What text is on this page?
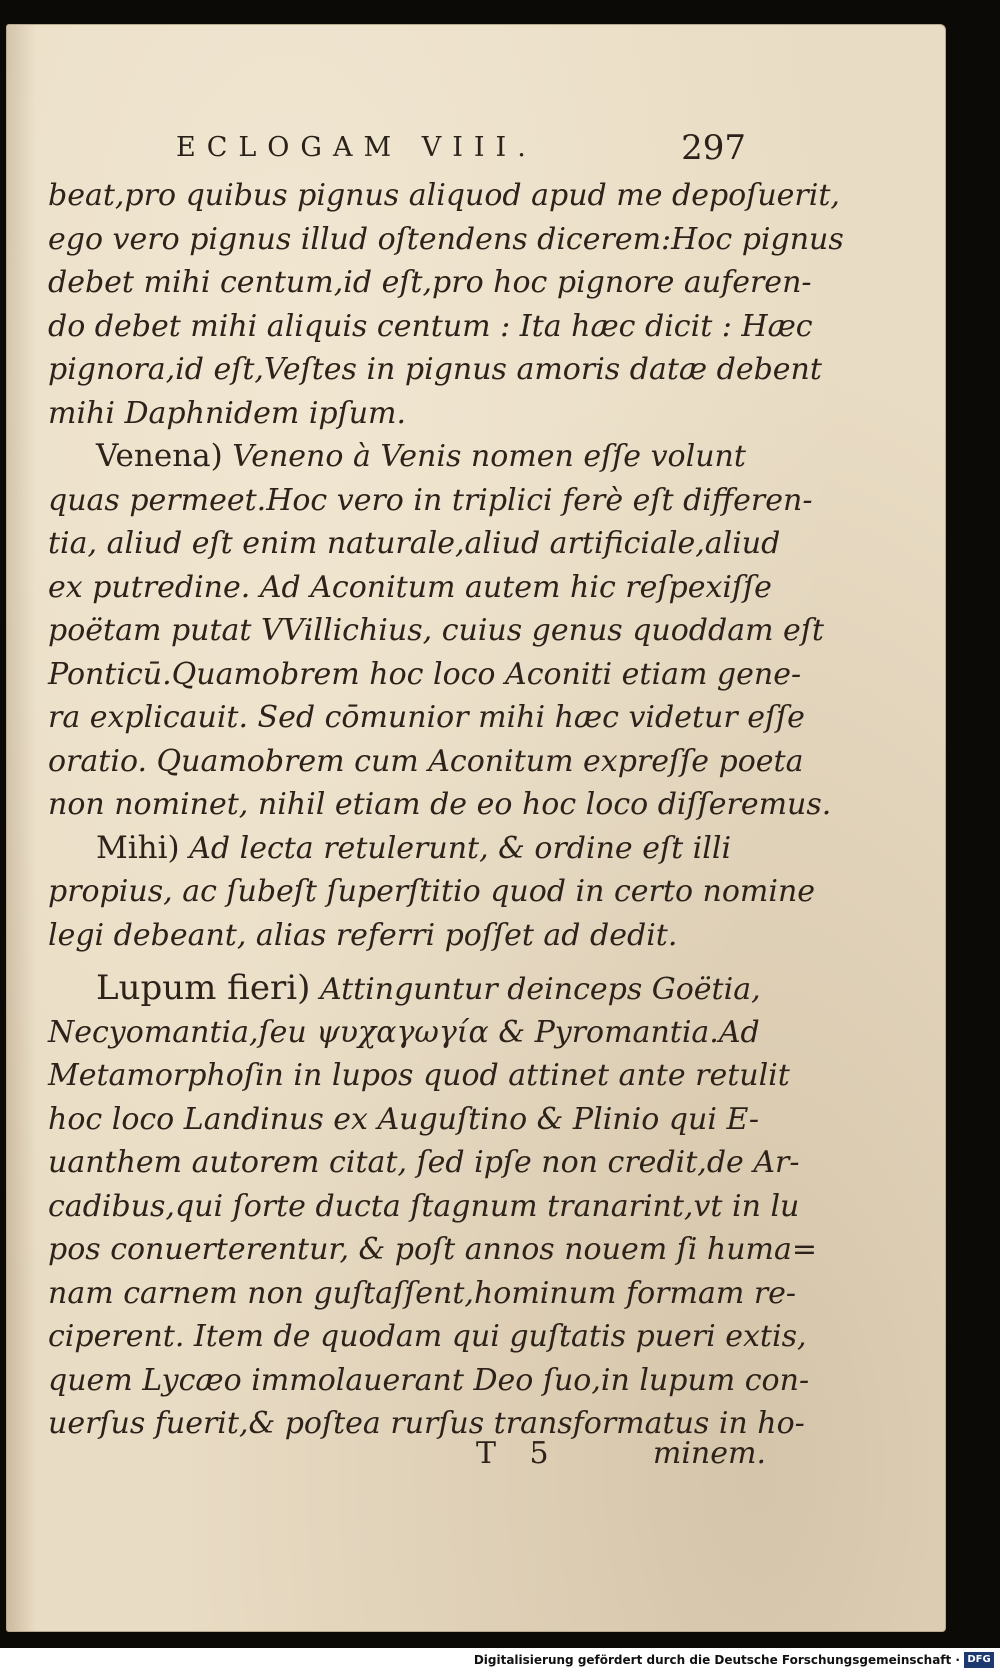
ECLOGAM VIII.	297
beat,pro quibus pignus aliquod apud me depoſuerit,
ego vero pignus illud oſtendens dicerem:Hoc pignus
debet mihi centum,id eſt,pro hoc pignore auferen-
do debet mihi aliquis centum : Ita hæc dicit : Hæc
pignora,id eſt,Veſtes in pignus amoris datæ debent
mihi Daphnidem ipſum.
Venena) Veneno à Venis nomen eſſe volunt
quas permeet.Hoc vero in triplici ferè eſt differen-
tia, aliud eſt enim naturale,aliud artificiale,aliud
ex putredine. Ad Aconitum autem hic reſpexiſſe
poëtam putat VVillichius, cuius genus quoddam eſt
Ponticū.Quamobrem hoc loco Aconiti etiam gene-
ra explicauit. Sed cōmunior mihi hæc videtur eſſe
oratio. Quamobrem cum Aconitum expreſſe poeta
non nominet, nihil etiam de eo hoc loco diſſeremus.
Mihi) Ad lecta retulerunt, & ordine eſt illi
propius, ac ſubeſt ſuperſtitio quod in certo nomine
legi debeant, alias referri poſſet ad dedit.
Lupum fieri) Attinguntur deinceps Goëtia,
Necyomantia,ſeu ψυχαγωγία & Pyromantia.Ad
Metamorphoſin in lupos quod attinet ante retulit
hoc loco Landinus ex Auguſtino & Plinio qui E-
uanthem autorem citat, ſed ipſe non credit,de Ar-
cadibus,qui ſorte ducta ſtagnum tranarint,vt in lu
pos conuerterentur, & poſt annos nouem ſi huma=
nam carnem non guſtaſſent,hominum formam re-
ciperent. Item de quodam qui guſtatis pueri extis,
quem Lycæo immolauerant Deo ſuo,in lupum con-
uerſus fuerit,& poſtea rurſus transformatus in ho-
T 5	minem.
Digitalisierung gefördert durch die Deutsche Forschungsgemeinschaft · DFG
